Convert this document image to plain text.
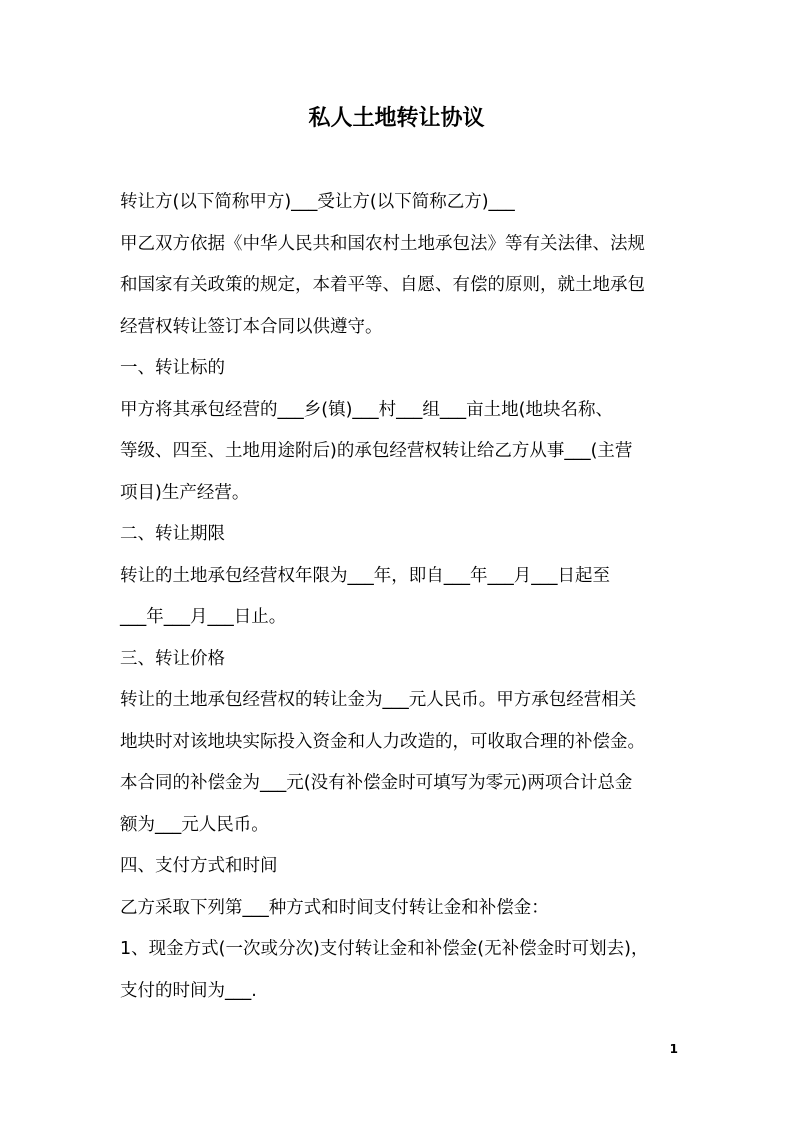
私人土地转让协议
转让方(以下简称甲方)___受让方(以下简称乙方)___
甲乙双方依据《中华人民共和国农村土地承包法》等有关法律、法规
和国家有关政策的规定，本着平等、自愿、有偿的原则，就土地承包
经营权转让签订本合同以供遵守。
一、转让标的
甲方将其承包经营的___乡(镇)___村___组___亩土地(地块名称、
等级、四至、土地用途附后)的承包经营权转让给乙方从事___(主营
项目)生产经营。
二、转让期限
转让的土地承包经营权年限为___年，即自___年___月___日起至
___年___月___日止。
三、转让价格
转让的土地承包经营权的转让金为___元人民币。甲方承包经营相关
地块时对该地块实际投入资金和人力改造的，可收取合理的补偿金。
本合同的补偿金为___元(没有补偿金时可填写为零元)两项合计总金
额为___元人民币。
四、支付方式和时间
乙方采取下列第___种方式和时间支付转让金和补偿金：
1、现金方式(一次或分次)支付转让金和补偿金(无补偿金时可划去)，
支付的时间为___.
1
